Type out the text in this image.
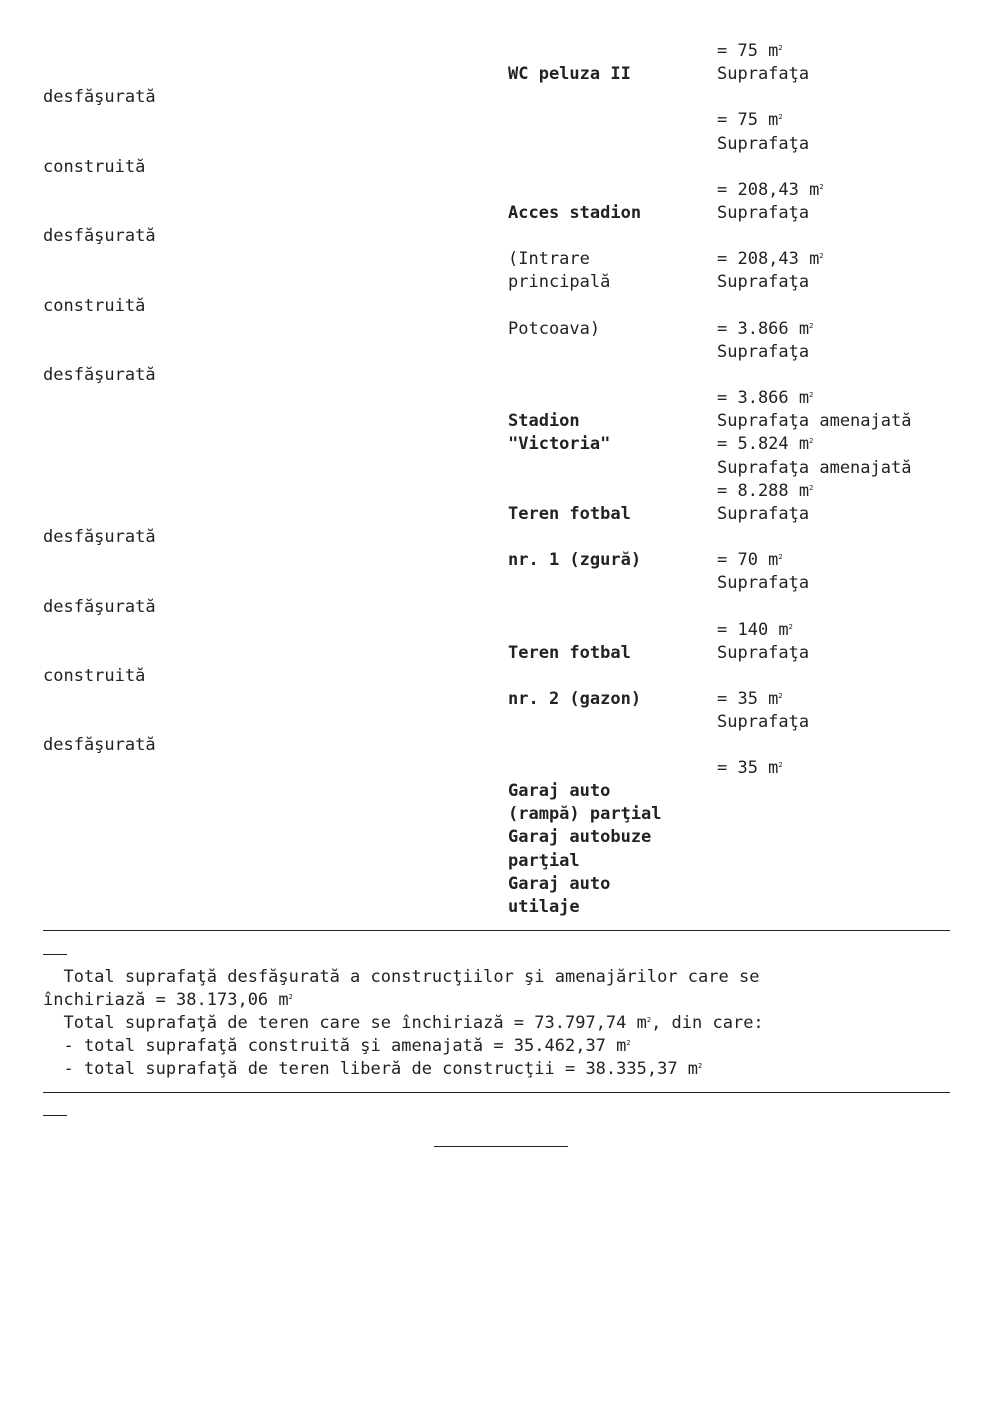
desfăşurată
construită
desfăşurată
construită
desfăşurată
desfăşurată
desfăşurată
construită
desfăşurată
WC peluza II
Acces stadion
(Intrare
principală
Potcoava)
Stadion
"Victoria"
Teren fotbal
nr. 1 (zgură)
Teren fotbal
nr. 2 (gazon)
Garaj auto
(rampă) parţial
Garaj autobuze
parţial
Garaj auto
utilaje
= 75 $m^2$
Suprafaţa
= 75 $m^2$
Suprafaţa
= 208,43 $m^2$
Suprafaţa
= 208,43 $m^2$
Suprafaţa
= 3.866 $m^2$
Suprafaţa
= 3.866 $m^2$
Suprafaţa amenajată
= 5.824 $m^2$
Suprafaţa amenajată
= 8.288 $m^2$
Suprafaţa
= 70 $m^2$
Suprafaţa
= 140 $m^2$
Suprafaţa
= 35 $m^2$
Suprafaţa
= 35 $m^2$
Total suprafaţă desfăşurată a construcţiilor şi amenajărilor care se
închiriază = 38.173,06 $m^2$
Total suprafaţă de teren care se închiriază = 73.797,74 $m^2$, din care:
- total suprafaţă construită şi amenajată = 35.462,37 $m^2$
- total suprafaţă de teren liberă de construcţii = 38.335,37 $m^2$
